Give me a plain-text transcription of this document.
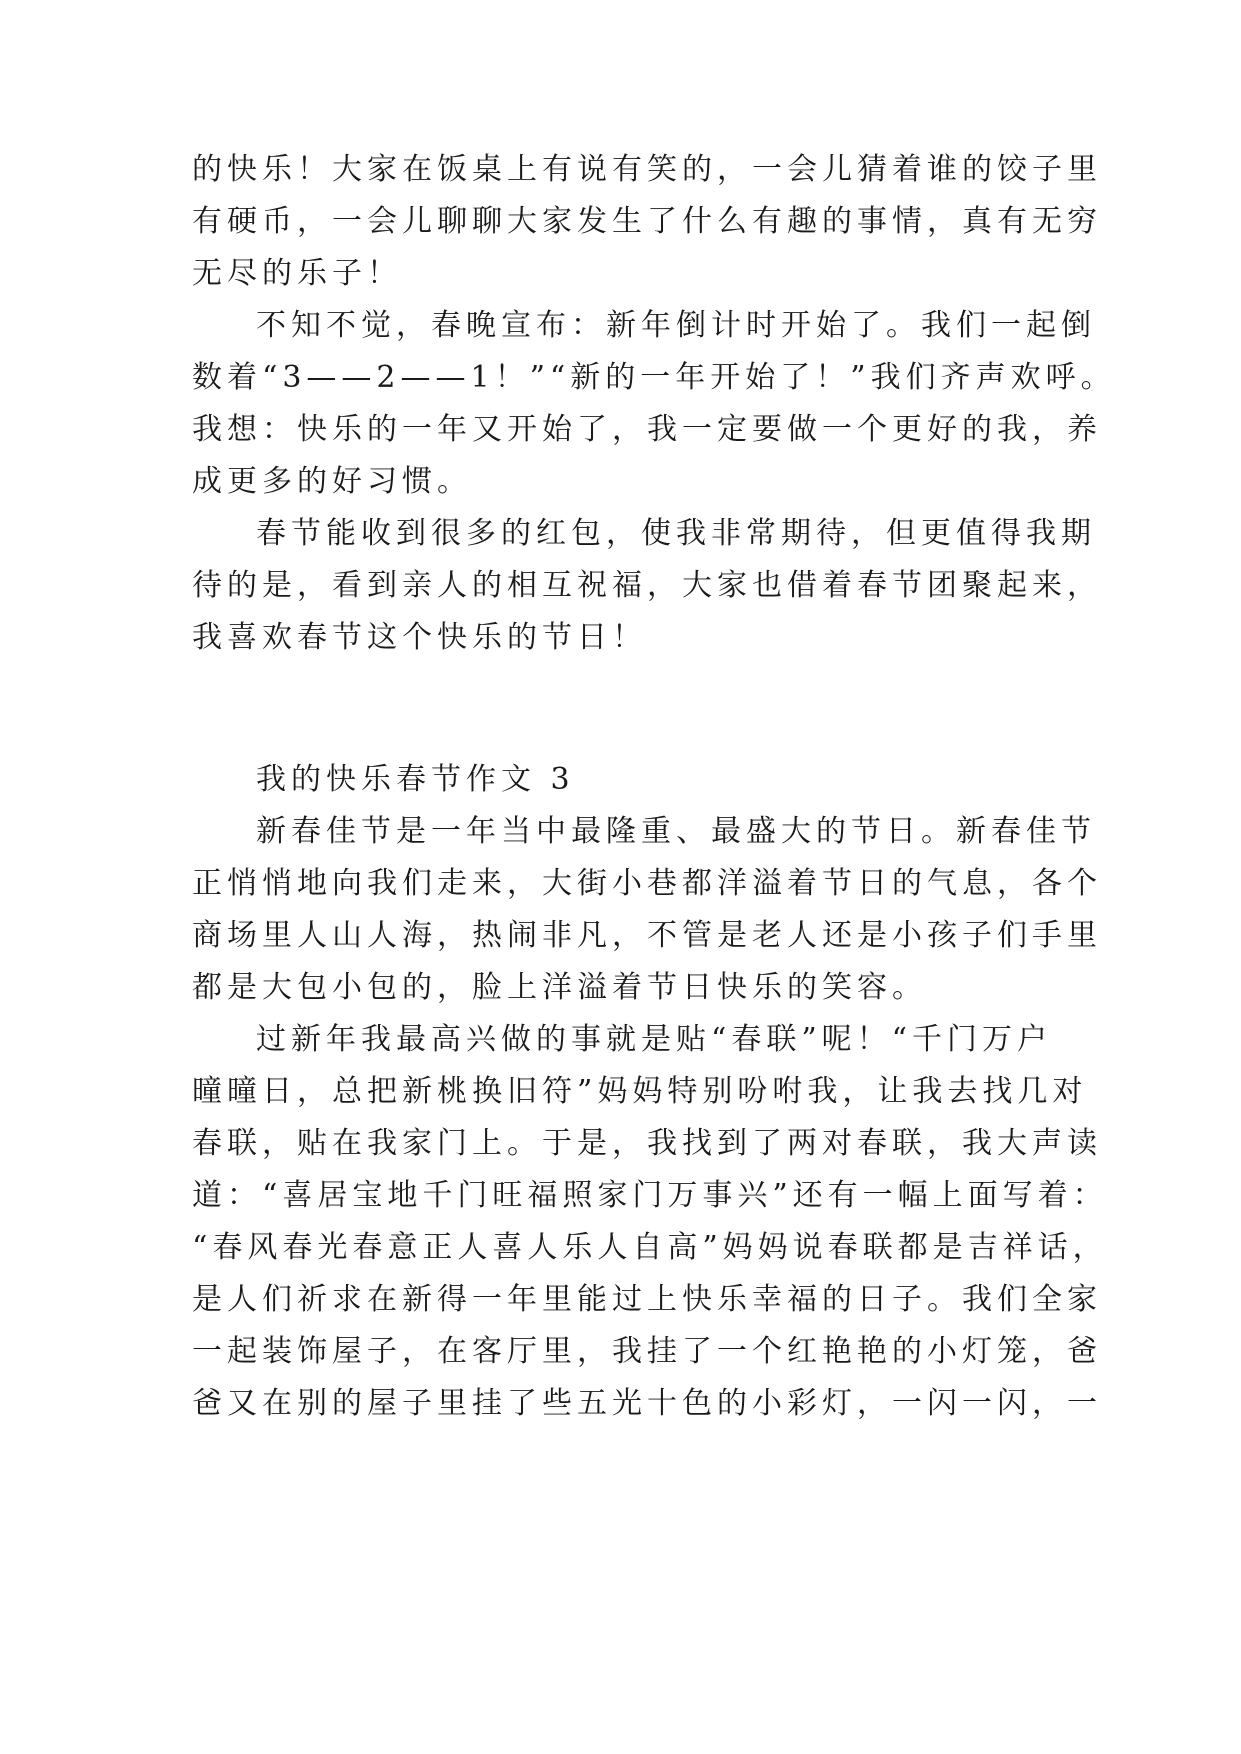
的快乐！大家在饭桌上有说有笑的，一会儿猜着谁的饺子里
有硬币，一会儿聊聊大家发生了什么有趣的事情，真有无穷
无尽的乐子！
不知不觉，春晚宣布：新年倒计时开始了。我们一起倒
数着“3——2——1！”“新的一年开始了！”我们齐声欢呼。
我想：快乐的一年又开始了，我一定要做一个更好的我，养
成更多的好习惯。
春节能收到很多的红包，使我非常期待，但更值得我期
待的是，看到亲人的相互祝福，大家也借着春节团聚起来，
我喜欢春节这个快乐的节日！
我的快乐春节作文 3
新春佳节是一年当中最隆重、最盛大的节日。新春佳节
正悄悄地向我们走来，大街小巷都洋溢着节日的气息，各个
商场里人山人海，热闹非凡，不管是老人还是小孩子们手里
都是大包小包的，脸上洋溢着节日快乐的笑容。
过新年我最高兴做的事就是贴“春联”呢！“千门万户
曈曈日，总把新桃换旧符”妈妈特别吩咐我，让我去找几对
春联，贴在我家门上。于是，我找到了两对春联，我大声读
道：“喜居宝地千门旺福照家门万事兴”还有一幅上面写着：
“春风春光春意正人喜人乐人自高”妈妈说春联都是吉祥话，
是人们祈求在新得一年里能过上快乐幸福的日子。我们全家
一起装饰屋子，在客厅里，我挂了一个红艳艳的小灯笼，爸
爸又在别的屋子里挂了些五光十色的小彩灯，一闪一闪，一
